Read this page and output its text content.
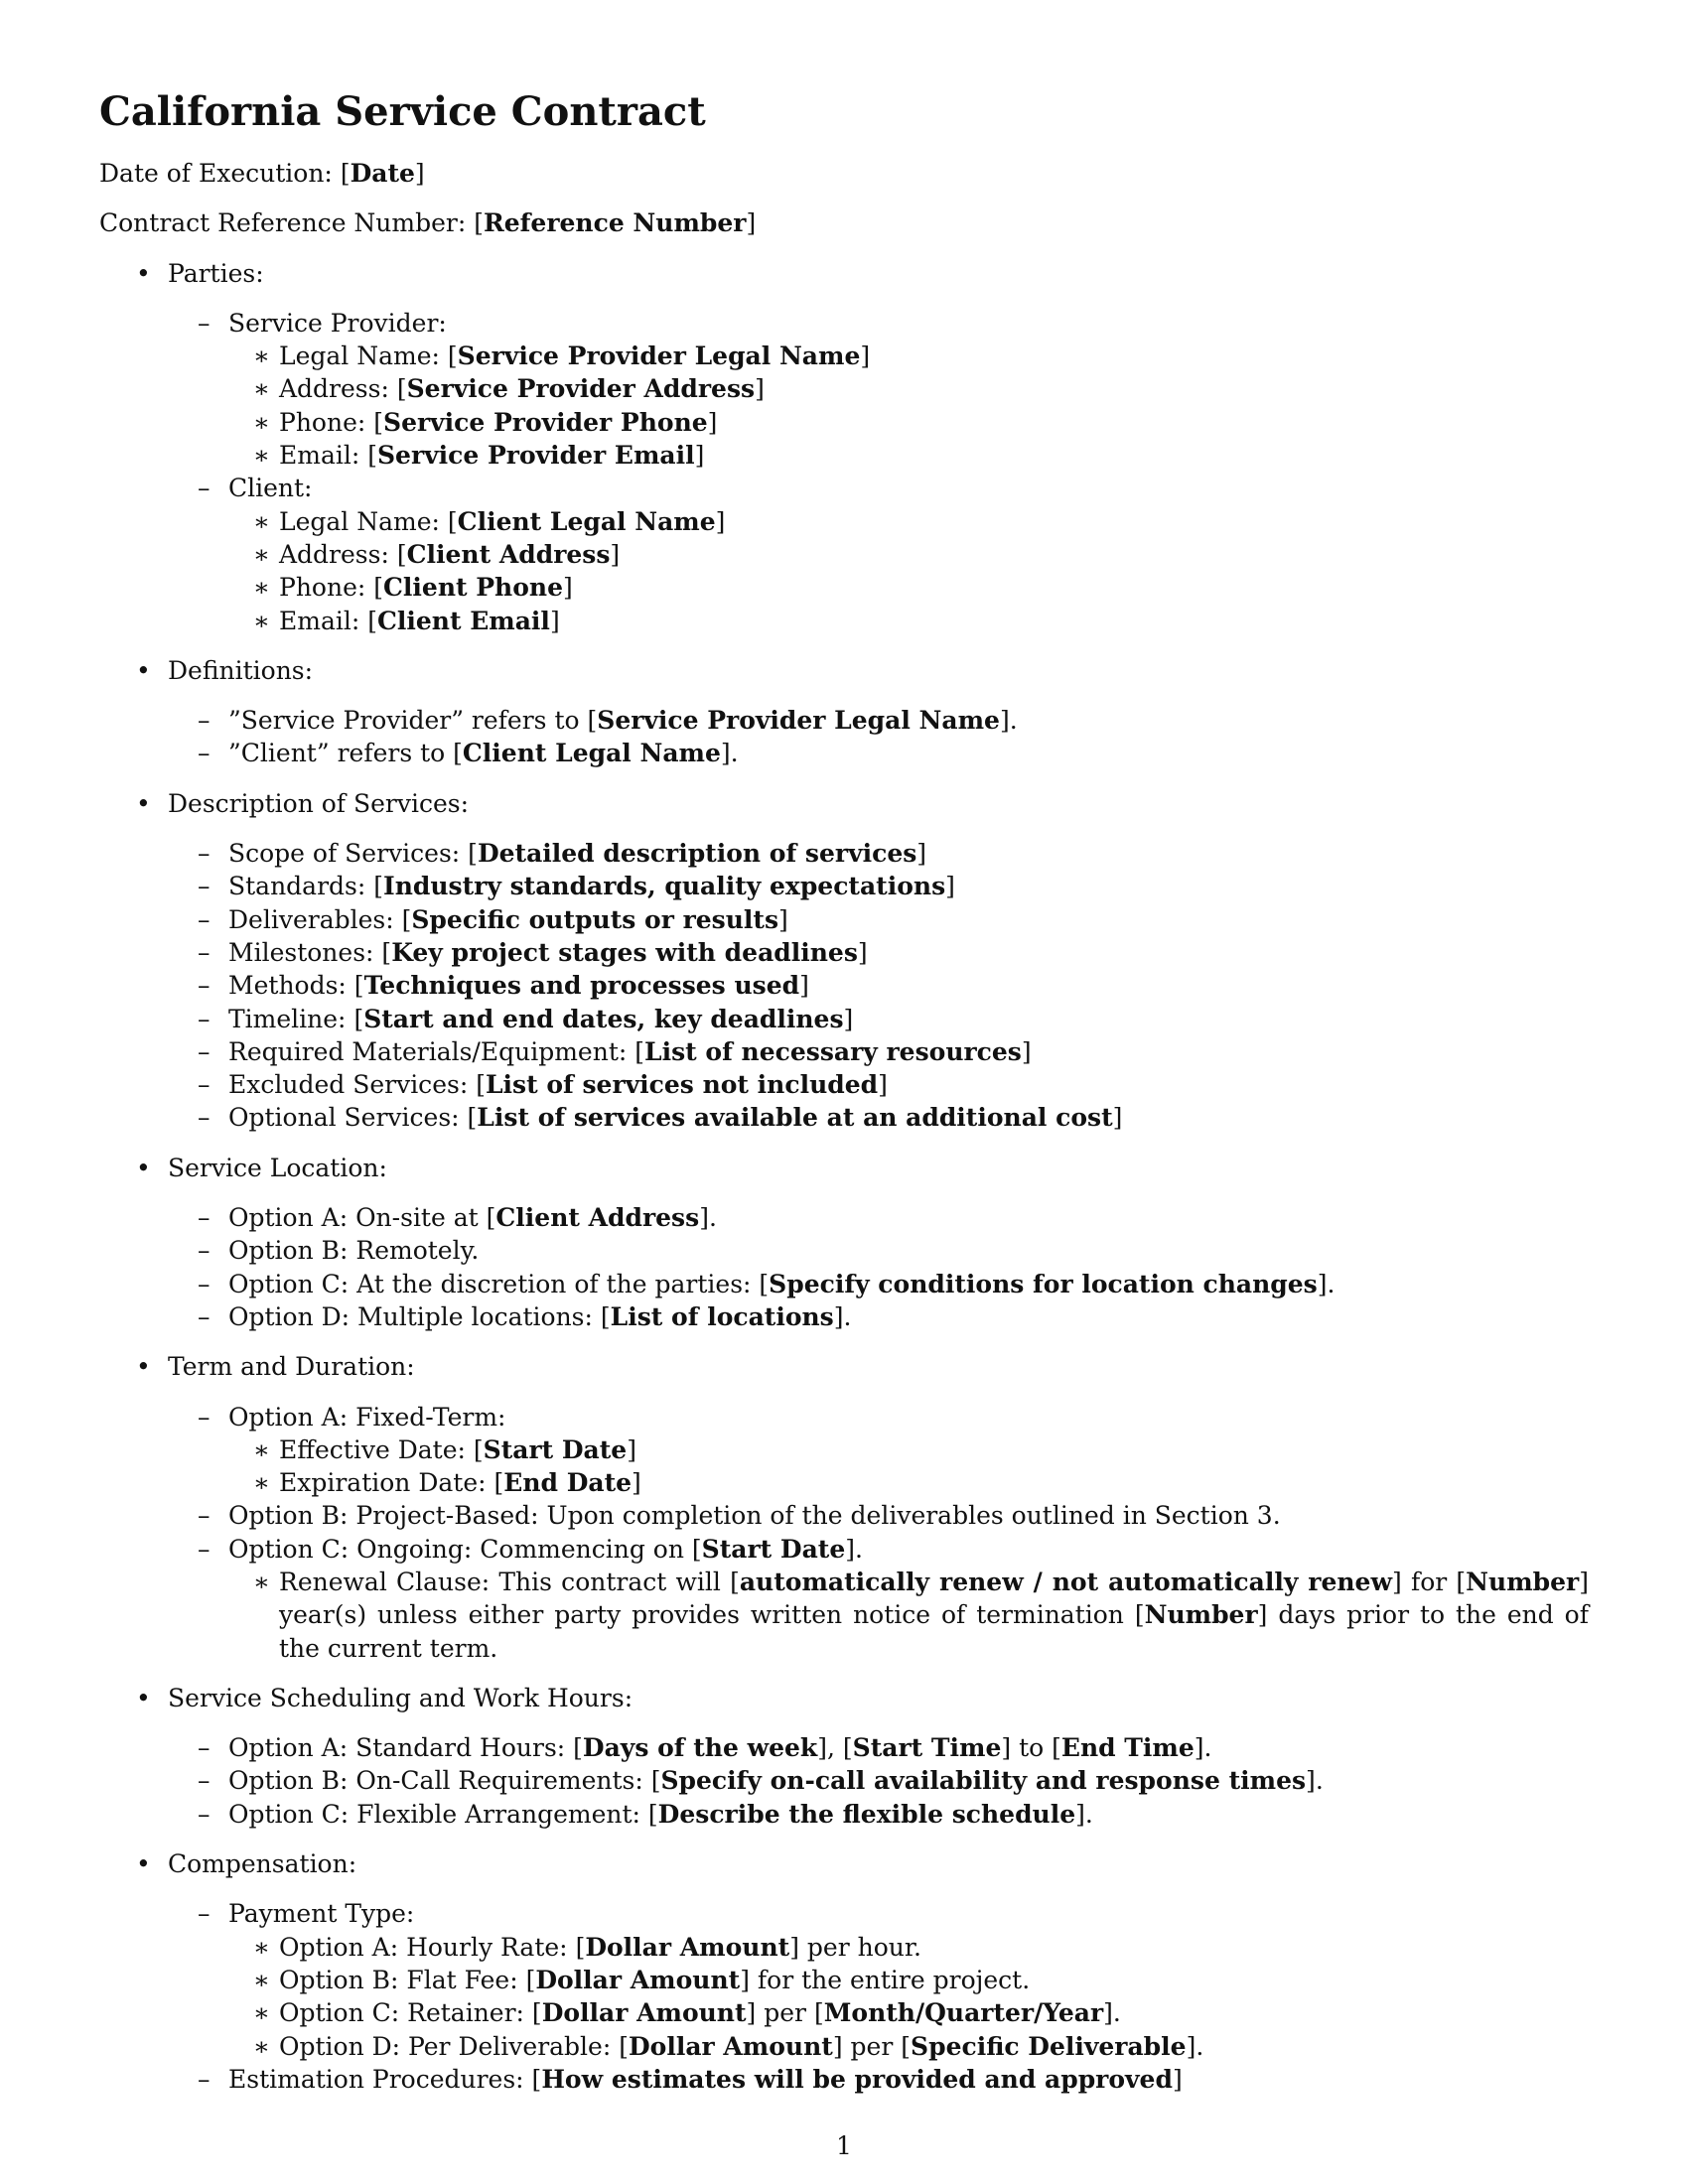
California Service Contract

Date of Execution: [Date]

Contract Reference Number: [Reference Number]

• Parties:
– Service Provider:
∗ Legal Name: [Service Provider Legal Name]
∗ Address: [Service Provider Address]
∗ Phone: [Service Provider Phone]
∗ Email: [Service Provider Email]
– Client:
∗ Legal Name: [Client Legal Name]
∗ Address: [Client Address]
∗ Phone: [Client Phone]
∗ Email: [Client Email]
• Definitions:
– ”Service Provider” refers to [Service Provider Legal Name].
– ”Client” refers to [Client Legal Name].
• Description of Services:
– Scope of Services: [Detailed description of services]
– Standards: [Industry standards, quality expectations]
– Deliverables: [Specific outputs or results]
– Milestones: [Key project stages with deadlines]
– Methods: [Techniques and processes used]
– Timeline: [Start and end dates, key deadlines]
– Required Materials/Equipment: [List of necessary resources]
– Excluded Services: [List of services not included]
– Optional Services: [List of services available at an additional cost]
• Service Location:
– Option A: On-site at [Client Address].
– Option B: Remotely.
– Option C: At the discretion of the parties: [Specify conditions for location changes].
– Option D: Multiple locations: [List of locations].
• Term and Duration:
– Option A: Fixed-Term:
∗ Effective Date: [Start Date]
∗ Expiration Date: [End Date]
– Option B: Project-Based: Upon completion of the deliverables outlined in Section 3.
– Option C: Ongoing: Commencing on [Start Date].
∗ Renewal Clause: This contract will [automatically renew / not automatically renew] for [Number] year(s) unless either party provides written notice of termination [Number] days prior to the end of the current term.
• Service Scheduling and Work Hours:
– Option A: Standard Hours: [Days of the week], [Start Time] to [End Time].
– Option B: On-Call Requirements: [Specify on-call availability and response times].
– Option C: Flexible Arrangement: [Describe the flexible schedule].
• Compensation:
– Payment Type:
∗ Option A: Hourly Rate: [Dollar Amount] per hour.
∗ Option B: Flat Fee: [Dollar Amount] for the entire project.
∗ Option C: Retainer: [Dollar Amount] per [Month/Quarter/Year].
∗ Option D: Per Deliverable: [Dollar Amount] per [Specific Deliverable].
– Estimation Procedures: [How estimates will be provided and approved]
1
